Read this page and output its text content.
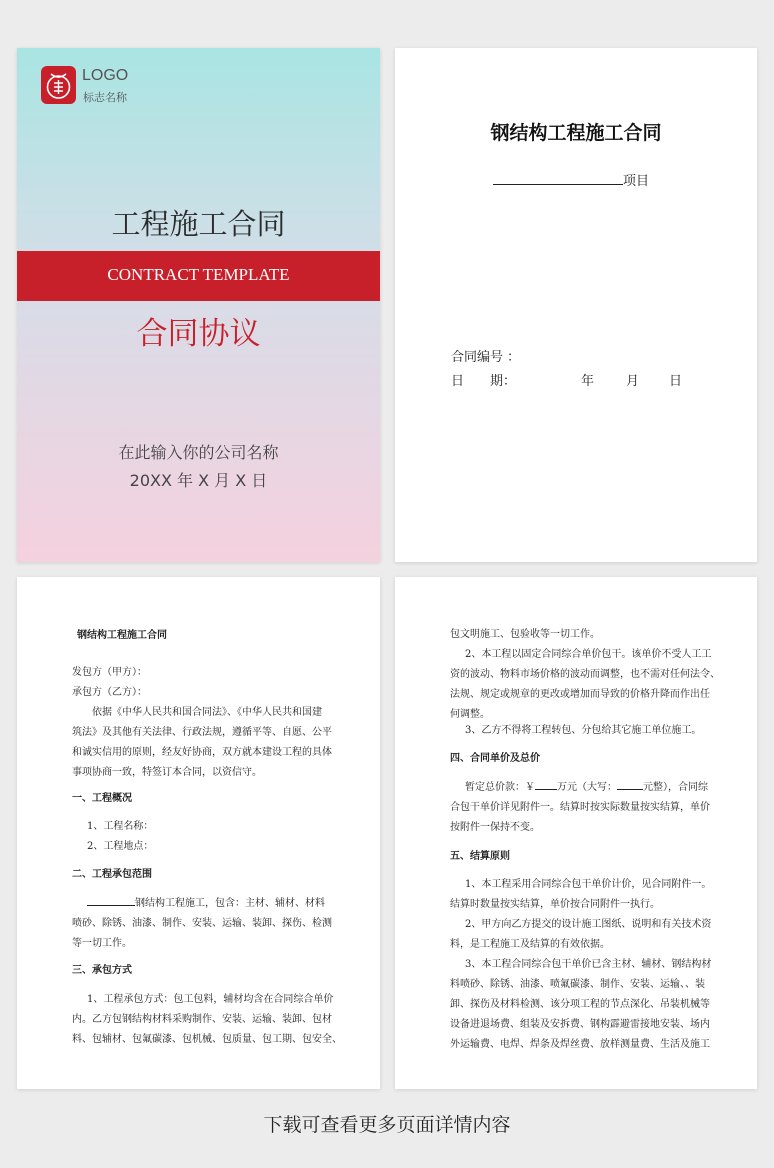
LOGO
标志名称
工程施工合同
CONTRACT TEMPLATE
合同协议
在此输入你的公司名称
20XX 年 X 月 X 日
钢结构工程施工合同
项目
合同编号 ：
日　　期：	年 月 日
钢结构工程施工合同
发包方（甲方）：
承包方（乙方）：
依据《中华人民共和国合同法》、《中华人民共和国建
筑法》及其他有关法律、行政法规，遵循平等、自愿、公平
和诚实信用的原则，经友好协商，双方就本建设工程的具体
事项协商一致，特签订本合同，以资信守。
一、工程概况
1、工程名称：
2、工程地点：
二、工程承包范围
钢结构工程施工，包含：主材、辅材、材料
喷砂、除锈、油漆、制作、安装、运输、装卸、探伤、检测
等一切工作。
三、承包方式
1、工程承包方式：包工包料，辅材均含在合同综合单价
内。乙方包钢结构材料采购制作、安装、运输、装卸、包材
料、包辅材、包氟碳漆、包机械、包质量、包工期、包安全、
包文明施工、包验收等一切工作。
2、本工程以固定合同综合单价包干。该单价不受人工工
资的波动、物料市场价格的波动而调整，也不需对任何法令、
法规、规定或规章的更改或增加而导致的价格升降而作出任
何调整。
3、乙方不得将工程转包、分包给其它施工单位施工。
四、合同单价及总价
暂定总价款：￥ 万元（大写：	元整），合同综
合包干单价详见附件一。结算时按实际数量按实结算，单价
按附件一保持不变。
五、结算原则
1、本工程采用合同综合包干单价计价，见合同附件一。
结算时数量按实结算，单价按合同附件一执行。
2、甲方向乙方提交的设计施工图纸、说明和有关技术资
料，是工程施工及结算的有效依据。
3、本工程合同综合包干单价已含主材、辅材、钢结构材
料喷砂、除锈、油漆、喷氟碳漆、制作、安装、运输、、装
卸、探伤及材料检测、该分项工程的节点深化、吊装机械等
设备进退场费、组装及安拆费、钢构霹避雷接地安装、场内
外运输费、电焊、焊条及焊丝费、放样测量费、生活及施工
下载可查看更多页面详情内容
